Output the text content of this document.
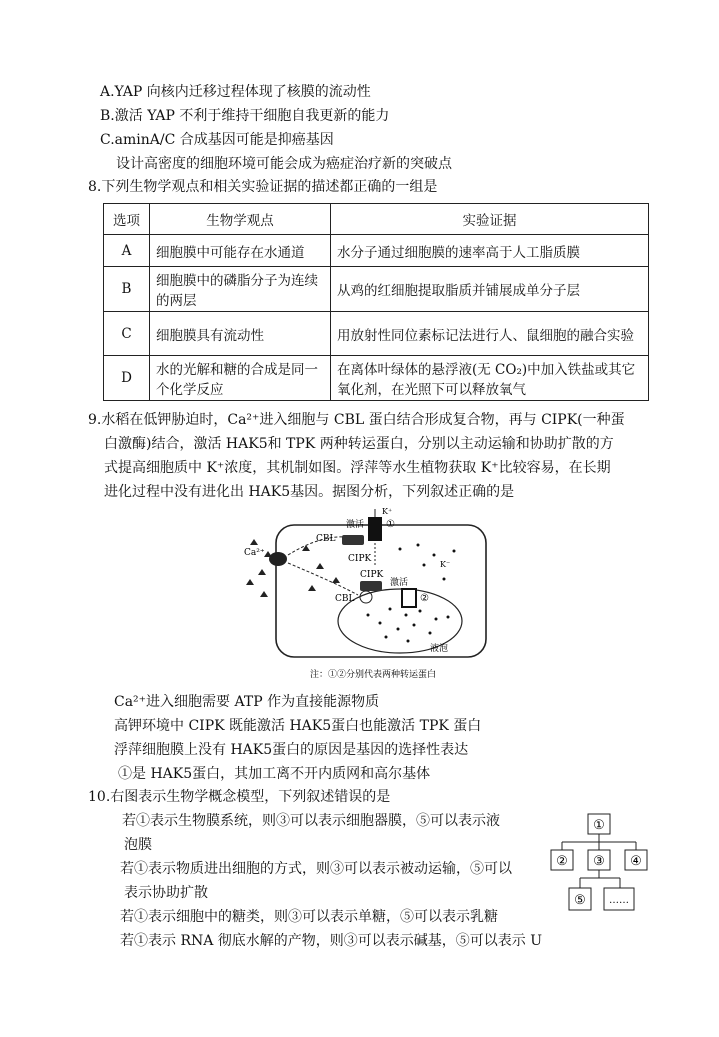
A.YAP 向核内迁移过程体现了核膜的流动性
B.激活 YAP 不利于维持干细胞自我更新的能力
C.aminA/C 合成基因可能是抑癌基因
设计高密度的细胞环境可能会成为癌症治疗新的突破点
8.下列生物学观点和相关实验证据的描述都正确的一组是
选项	生物学观点	实验证据
A	细胞膜中可能存在水通道	水分子通过细胞膜的速率高于人工脂质膜
B	细胞膜中的磷脂分子为连续的两层	从鸡的红细胞提取脂质并铺展成单分子层
C	细胞膜具有流动性	用放射性同位素标记法进行人、鼠细胞的融合实验
D	水的光解和糖的合成是同一个化学反应	在离体叶绿体的悬浮液(无 CO₂)中加入铁盐或其它氧化剂，在光照下可以释放氧气
9.水稻在低钾胁迫时，Ca²⁺进入细胞与 CBL 蛋白结合形成复合物，再与 CIPK(一种蛋
白激酶)结合，激活 HAK5和 TPK 两种转运蛋白，分别以主动运输和协助扩散的方
式提高细胞质中 K⁺浓度，其机制如图。浮萍等水生植物获取 K⁺比较容易，在长期
进化过程中没有进化出 HAK5基因。据图分析，下列叙述正确的是
Ca²⁺
CBL
CIPK
激活 ①
K⁺
CIPK
激活
CBL	②
K⁻
液泡
注：①②分别代表两种转运蛋白
Ca²⁺进入细胞需要 ATP 作为直接能源物质
高钾环境中 CIPK 既能激活 HAK5蛋白也能激活 TPK 蛋白
浮萍细胞膜上没有 HAK5蛋白的原因是基因的选择性表达
①是 HAK5蛋白，其加工离不开内质网和高尔基体
10.右图表示生物学概念模型，下列叙述错误的是
若①表示生物膜系统，则③可以表示细胞器膜，⑤可以表示液
泡膜
若①表示物质进出细胞的方式，则③可以表示被动运输，⑤可以
表示协助扩散
若①表示细胞中的糖类，则③可以表示单糖，⑤可以表示乳糖
若①表示 RNA 彻底水解的产物，则③可以表示碱基，⑤可以表示 U
①
② ③ ④
⑤ ……
